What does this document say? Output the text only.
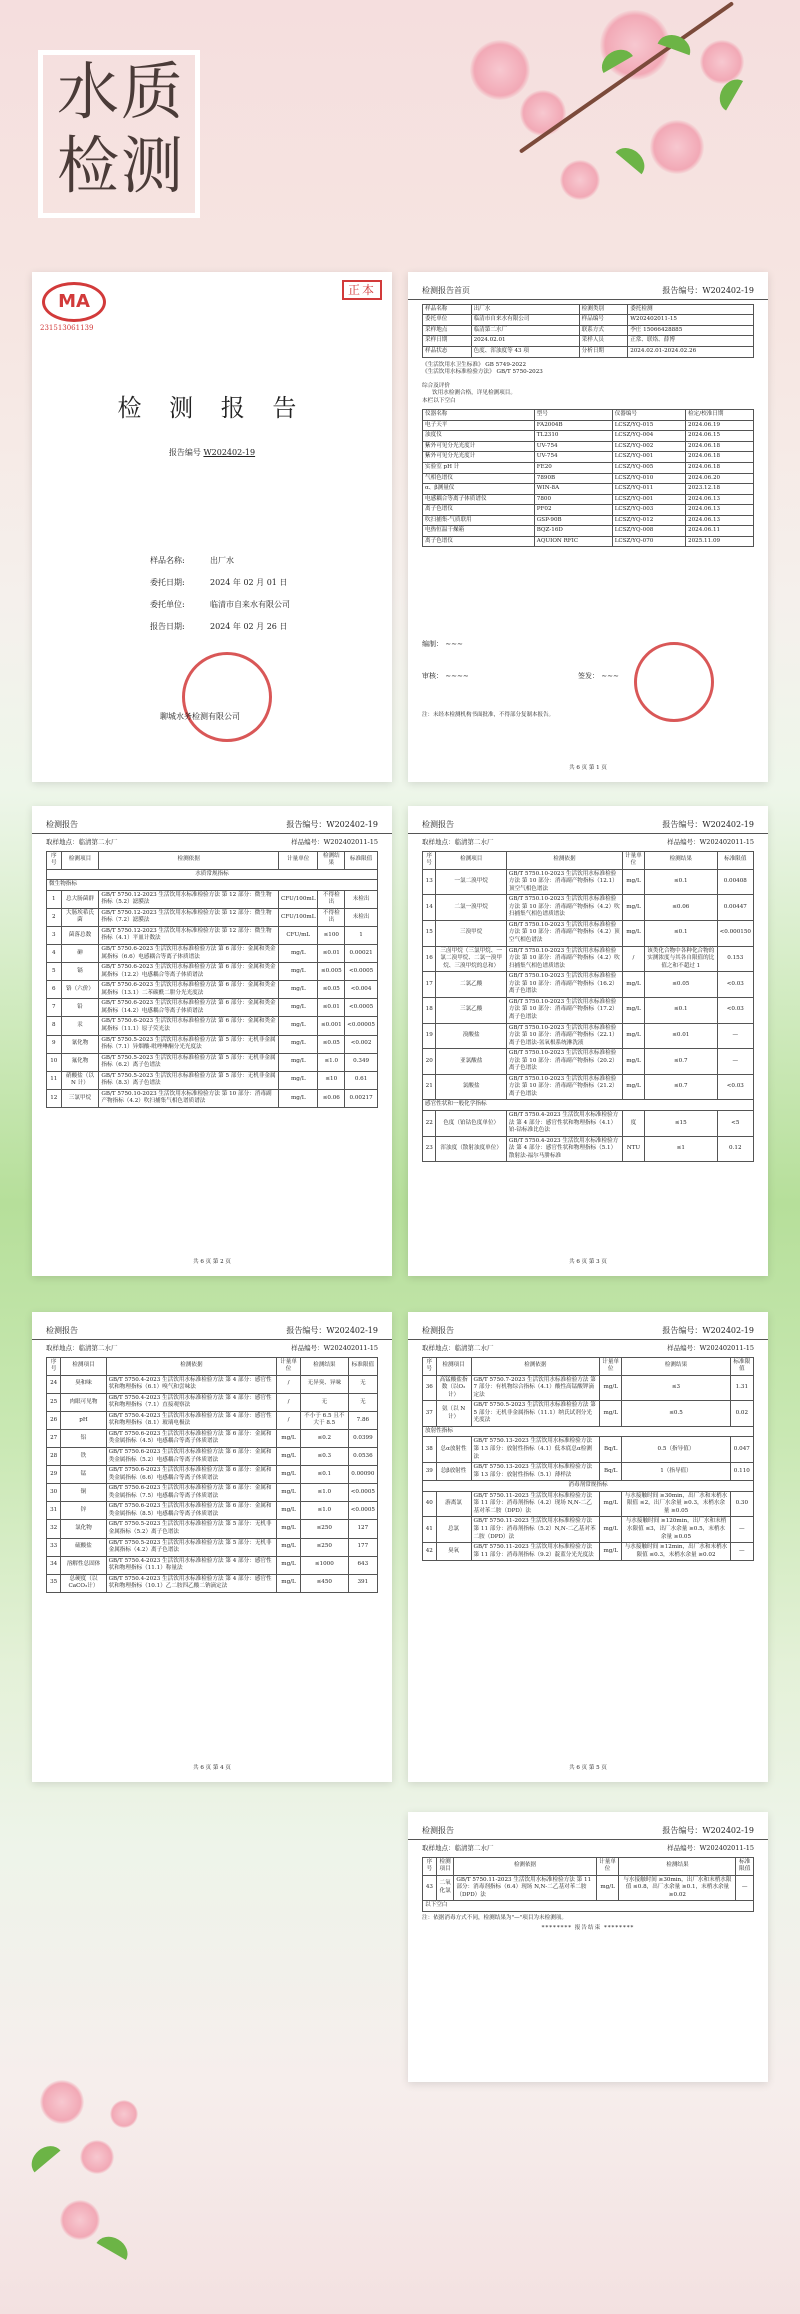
水质
检测
MA
231513061139
正本
检 测 报 告
报告编号 W202402-19
样品名称:	出厂水
委托日期:	2024 年 02 月 01 日
委托单位:	临清市自来水有限公司
报告日期:	2024 年 02 月 26 日
聊城水务检测有限公司
检测报告首页	报告编号：W202402-19
样品名称	出厂水	检测类别	委托检测
委托单位	临清市自来水有限公司	样品编号	W202402011-15
采样地点	临清第二水厂	联系方式	李庄 15066428885
采样日期	2024.02.01	采样人员	正常、联络、薛博
样品状态	色度、浑浊度等 43 项	分析日期	2024.02.01-2024.02.26
《生活饮用水卫生标准》 GB 5749-2022
《生活饮用水标准检验方法》 GB/T 5750-2023
综合及评价
饮用水检测合格，详见检测项目。
本栏以下空白
仪器名称	型号	仪器编号	检定/校准日期
电子天平	FA2004B	LCSZ/YQ-015	2024.06.19
浊度仪	TL2310	LCSZ/YQ-004	2024.06.15
紫外可见分光光度计	UV-754	LCSZ/YQ-002	2024.06.18
紫外可见分光光度计	UV-754	LCSZ/YQ-001	2024.06.18
实验室 pH 计	FE20	LCSZ/YQ-005	2024.06.18
气相色谱仪	7890B	LCSZ/YQ-010	2024.06.20
α、β测量仪	WIN-8A	LCSZ/YQ-011	2023.12.18
电感耦合等离子体质谱仪	7800	LCSZ/YQ-001	2024.06.13
离子色谱仪	PF02	LCSZ/YQ-003	2024.06.13
吹扫捕集-气质联用	GSP-90B	LCSZ/YQ-012	2024.06.13
电热恒温干燥箱	BQZ-16D	LCSZ/YQ-008	2024.06.11
离子色谱仪	AQUION RFIC	LCSZ/YQ-070	2025.11.09
编制： ∼∼∼
审核： ∼∼∼∼	签发： ∼∼∼
注：未经本检测机构书面批准，不得部分复制本报告。
共 6 页 第 1 页
检测报告	报告编号：W202402-19
取样地点：临清第二水厂	样品编号：W202402011-15
序号	检测项目	检测依据	计量单位	检测结果	标准限值
水质常规指标					
微生物指标					
1	总大肠菌群	GB/T 5750.12-2023 生活饮用水标准检验方法 第 12 部分：微生物指标（5.2）滤膜法	CFU/100mL	不得检出	未检出
2	大肠埃希氏菌	GB/T 5750.12-2023 生活饮用水标准检验方法 第 12 部分：微生物指标（7.2）滤膜法	CFU/100mL	不得检出	未检出
3	菌落总数	GB/T 5750.12-2023 生活饮用水标准检验方法 第 12 部分：微生物指标（4.1）平皿计数法	CFU/mL	≤100	1
4	砷	GB/T 5750.6-2023 生活饮用水标准检验方法 第 6 部分：金属和类金属指标（6.6）电感耦合等离子体质谱法	mg/L	≤0.01	0.00021
5	镉	GB/T 5750.6-2023 生活饮用水标准检验方法 第 6 部分：金属和类金属指标（12.2）电感耦合等离子体质谱法	mg/L	≤0.005	<0.0005
6	铬（六价）	GB/T 5750.6-2023 生活饮用水标准检验方法 第 6 部分：金属和类金属指标（13.1）二苯碳酰二肼分光光度法	mg/L	≤0.05	<0.004
7	铅	GB/T 5750.6-2023 生活饮用水标准检验方法 第 6 部分：金属和类金属指标（14.2）电感耦合等离子体质谱法	mg/L	≤0.01	<0.0005
8	汞	GB/T 5750.6-2023 生活饮用水标准检验方法 第 6 部分：金属和类金属指标（11.1）原子荧光法	mg/L	≤0.001	<0.00005
9	氰化物	GB/T 5750.5-2023 生活饮用水标准检验方法 第 5 部分：无机非金属指标（7.1）异烟酸-吡唑啉酮分光光度法	mg/L	≤0.05	<0.002
10	氟化物	GB/T 5750.5-2023 生活饮用水标准检验方法 第 5 部分：无机非金属指标（6.2）离子色谱法	mg/L	≤1.0	0.349
11	硝酸盐（以 N 计）	GB/T 5750.5-2023 生活饮用水标准检验方法 第 5 部分：无机非金属指标（8.3）离子色谱法	mg/L	≤10	0.61
12	三氯甲烷	GB/T 5750.10-2023 生活饮用水标准检验方法 第 10 部分：消毒副产物指标（4.2）吹扫捕集气相色谱质谱法	mg/L	≤0.06	0.00217
共 6 页 第 2 页
检测报告	报告编号：W202402-19
取样地点：临清第二水厂	样品编号：W202402011-15
序号	检测项目	检测依据	计量单位	检测结果	标准限值
13	一氯二溴甲烷	GB/T 5750.10-2023 生活饮用水标准检验方法 第 10 部分：消毒副产物指标（12.1）顶空气相色谱法	mg/L	≤0.1	0.00408
14	二氯一溴甲烷	GB/T 5750.10-2023 生活饮用水标准检验方法 第 10 部分：消毒副产物指标（4.2）吹扫捕集气相色谱质谱法	mg/L	≤0.06	0.00447
15	三溴甲烷	GB/T 5750.10-2023 生活饮用水标准检验方法 第 10 部分：消毒副产物指标（4.2）顶空气相色谱法	mg/L	≤0.1	<0.000150
16	三卤甲烷（三氯甲烷、一氯二溴甲烷、二氯一溴甲烷、三溴甲烷的总和）	GB/T 5750.10-2023 生活饮用水标准检验方法 第 10 部分：消毒副产物指标（4.2）吹扫捕集气相色谱质谱法	/	该类化合物中各种化合物的实测浓度与其各自限值的比值之和不超过 1	0.153
17	二氯乙酸	GB/T 5750.10-2023 生活饮用水标准检验方法 第 10 部分：消毒副产物指标（16.2）离子色谱法	mg/L	≤0.05	<0.03
18	三氯乙酸	GB/T 5750.10-2023 生活饮用水标准检验方法 第 10 部分：消毒副产物指标（17.2）离子色谱法	mg/L	≤0.1	<0.03
19	溴酸盐	GB/T 5750.10-2023 生活饮用水标准检验方法 第 10 部分：消毒副产物指标（22.1）离子色谱法-氢氧根系统淋洗液	mg/L	≤0.01	—
20	亚氯酸盐	GB/T 5750.10-2023 生活饮用水标准检验方法 第 10 部分：消毒副产物指标（20.2）离子色谱法	mg/L	≤0.7	—
21	氯酸盐	GB/T 5750.10-2023 生活饮用水标准检验方法 第 10 部分：消毒副产物指标（21.2）离子色谱法	mg/L	≤0.7	<0.03
感官性状和一般化学指标					
22	色度（铂钴色度单位）	GB/T 5750.4-2023 生活饮用水标准检验方法 第 4 部分：感官性状和物理指标（4.1）铂-钴标准比色法	度	≤15	<5
23	浑浊度（散射浊度单位）	GB/T 5750.4-2023 生活饮用水标准检验方法 第 4 部分：感官性状和物理指标（5.1）散射法-福尔马肼标准	NTU	≤1	0.12
共 6 页 第 3 页
检测报告	报告编号：W202402-19
取样地点：临清第二水厂	样品编号：W202402011-15
序号	检测项目	检测依据	计量单位	检测结果	标准限值
24	臭和味	GB/T 5750.4-2023 生活饮用水标准检验方法 第 4 部分：感官性状和物理指标（6.1）嗅气和尝味法	/	无异臭、异味	无
25	肉眼可见物	GB/T 5750.4-2023 生活饮用水标准检验方法 第 4 部分：感官性状和物理指标（7.1）直接观察法	/	无	无
26	pH	GB/T 5750.4-2023 生活饮用水标准检验方法 第 4 部分：感官性状和物理指标（8.1）玻璃电极法	/	不小于 6.5 且不大于 8.5	7.86
27	铝	GB/T 5750.6-2023 生活饮用水标准检验方法 第 6 部分：金属和类金属指标（4.5）电感耦合等离子体质谱法	mg/L	≤0.2	0.0399
28	铁	GB/T 5750.6-2023 生活饮用水标准检验方法 第 6 部分：金属和类金属指标（5.2）电感耦合等离子体质谱法	mg/L	≤0.3	0.0536
29	锰	GB/T 5750.6-2023 生活饮用水标准检验方法 第 6 部分：金属和类金属指标（6.6）电感耦合等离子体质谱法	mg/L	≤0.1	0.00090
30	铜	GB/T 5750.6-2023 生活饮用水标准检验方法 第 6 部分：金属和类金属指标（7.5）电感耦合等离子体质谱法	mg/L	≤1.0	<0.0005
31	锌	GB/T 5750.6-2023 生活饮用水标准检验方法 第 6 部分：金属和类金属指标（8.5）电感耦合等离子体质谱法	mg/L	≤1.0	<0.0005
32	氯化物	GB/T 5750.5-2023 生活饮用水标准检验方法 第 5 部分：无机非金属指标（5.2）离子色谱法	mg/L	≤250	127
33	硫酸盐	GB/T 5750.5-2023 生活饮用水标准检验方法 第 5 部分：无机非金属指标（4.2）离子色谱法	mg/L	≤250	177
34	溶解性总固体	GB/T 5750.4-2023 生活饮用水标准检验方法 第 4 部分：感官性状和物理指标（11.1）称量法	mg/L	≤1000	643
35	总硬度（以CaCO₃计）	GB/T 5750.4-2023 生活饮用水标准检验方法 第 4 部分：感官性状和物理指标（10.1）乙二胺四乙酸二钠滴定法	mg/L	≤450	391
共 6 页 第 4 页
检测报告	报告编号：W202402-19
取样地点：临清第二水厂	样品编号：W202402011-15
序号	检测项目	检测依据	计量单位	检测结果	标准限值
36	高锰酸盐指数（以O₂计）	GB/T 5750.7-2023 生活饮用水标准检验方法 第 7 部分：有机物综合指标（4.1）酸性高锰酸钾滴定法	mg/L	≤3	1.31
37	氨（以 N 计）	GB/T 5750.5-2023 生活饮用水标准检验方法 第 5 部分：无机非金属指标（11.1）纳氏试剂分光光度法	mg/L	≤0.5	0.02
放射性指标					
38	总α放射性	GB/T 5750.13-2023 生活饮用水标准检验方法 第 13 部分：放射性指标（4.1）低本底总α检测法	Bq/L	0.5（指导值）	0.047
39	总β放射性	GB/T 5750.13-2023 生活饮用水标准检验方法 第 13 部分：放射性指标（5.1）薄样法	Bq/L	1（指导值）	0.110
消毒剂常规指标					
40	游离氯	GB/T 5750.11-2023 生活饮用水标准检验方法 第 11 部分：消毒剂指标（4.2）现场 N,N-二乙基对苯二胺（DPD）法	mg/L	与水接触时间 ≥30min，出厂水和末梢水限值 ≤2，出厂水余量 ≥0.3，末梢水余量 ≥0.05	0.30
41	总氯	GB/T 5750.11-2023 生活饮用水标准检验方法 第 11 部分：消毒剂指标（5.2）N,N-二乙基对苯二胺（DPD）法	mg/L	与水接触时间 ≥120min，出厂水和末梢水限值 ≤3，出厂水余量 ≥0.5，末梢水余量 ≥0.05	—
42	臭氧	GB/T 5750.11-2023 生活饮用水标准检验方法 第 11 部分：消毒剂指标（9.2）靛蓝分光光度法	mg/L	与水接触时间 ≥12min，出厂水和末梢水限值 ≤0.3，末梢水余量 ≥0.02	—
共 6 页 第 5 页
检测报告	报告编号：W202402-19
取样地点：临清第二水厂	样品编号：W202402011-15
序号	检测项目	检测依据	计量单位	检测结果	标准限值
43	二氧化氯	GB/T 5750.11-2023 生活饮用水标准检验方法 第 11 部分：消毒剂指标（6.4）现场 N,N-二乙基对苯二胺（DPD）法	mg/L	与水接触时间 ≥30min，出厂水和末梢水限值 ≤0.8，出厂水余量 ≥0.1，末梢水余量 ≥0.02	—
以下空白					
注：依据消毒方式不同，检测结果为"—"项目为未检测项。
******** 报告结束 ********
